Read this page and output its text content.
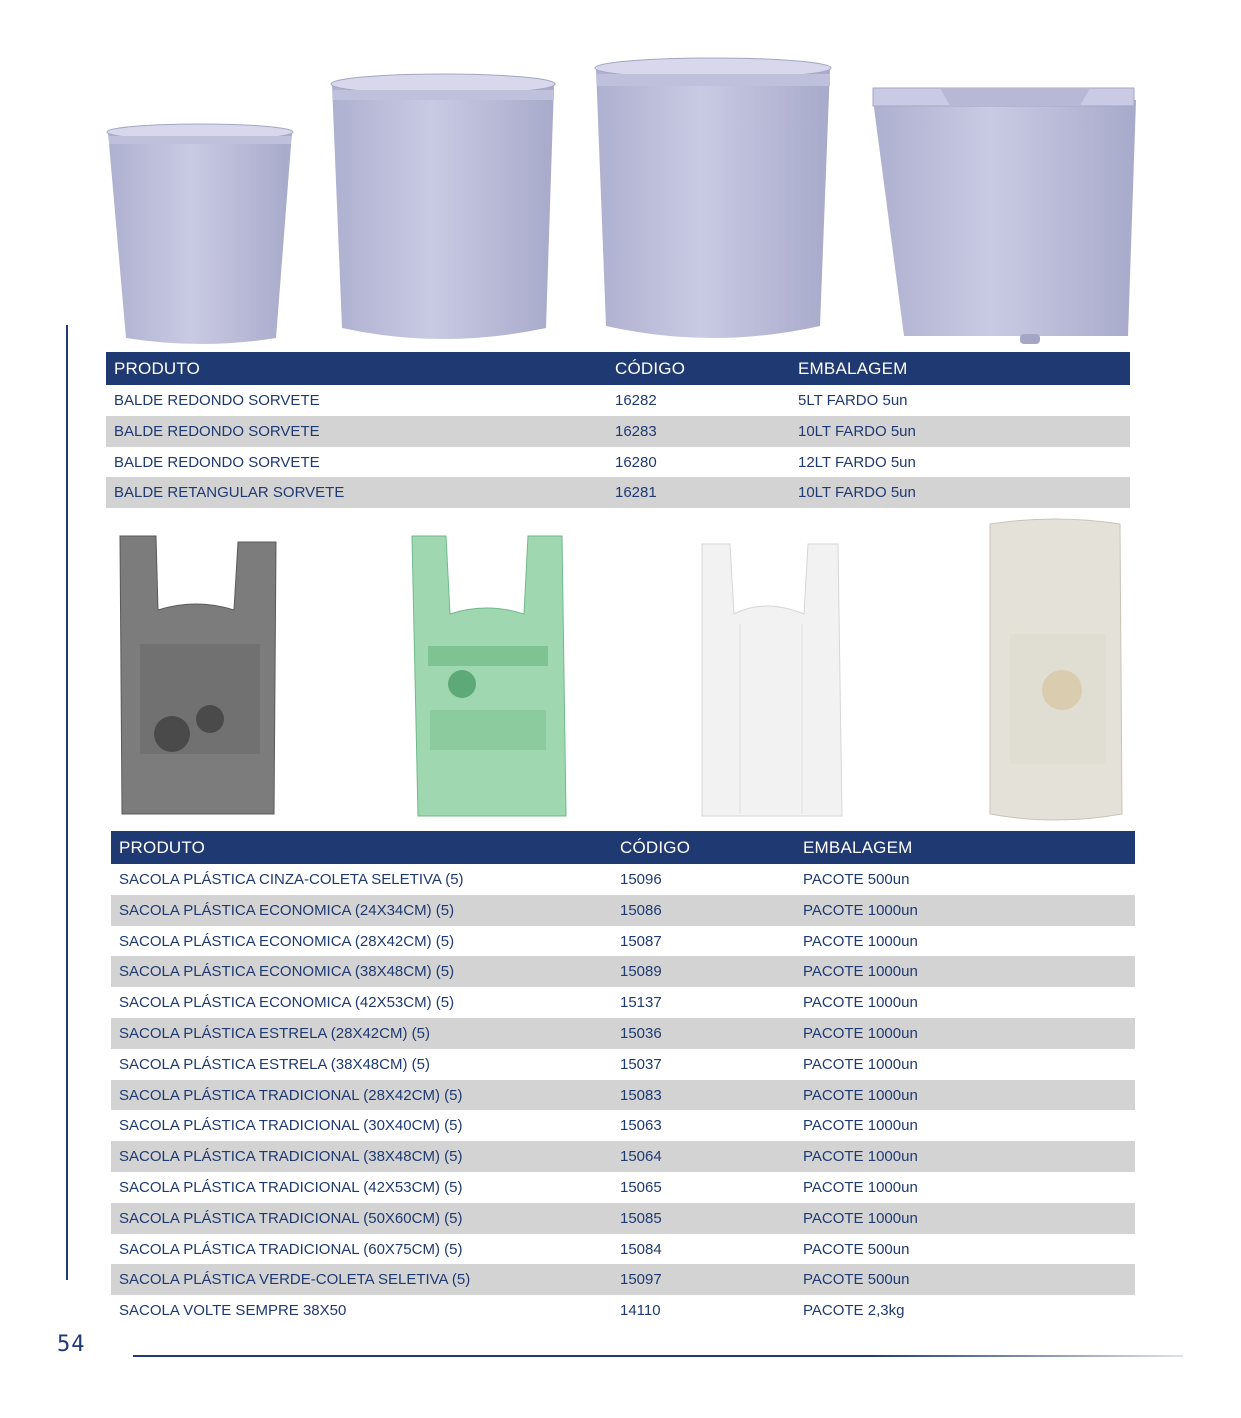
54
PRODUTO	CÓDIGO	EMBALAGEM
BALDE REDONDO SORVETE	16282	5LT FARDO 5un
BALDE REDONDO SORVETE	16283	10LT FARDO 5un
BALDE REDONDO SORVETE	16280	12LT FARDO 5un
BALDE RETANGULAR SORVETE	16281	10LT FARDO 5un
PRODUTO	CÓDIGO	EMBALAGEM
SACOLA PLÁSTICA CINZA-COLETA SELETIVA (5)	15096	PACOTE 500un
SACOLA PLÁSTICA ECONOMICA (24X34CM) (5)	15086	PACOTE 1000un
SACOLA PLÁSTICA ECONOMICA (28X42CM) (5)	15087	PACOTE 1000un
SACOLA PLÁSTICA ECONOMICA (38X48CM) (5)	15089	PACOTE 1000un
SACOLA PLÁSTICA ECONOMICA (42X53CM) (5)	15137	PACOTE 1000un
SACOLA PLÁSTICA ESTRELA (28X42CM) (5)	15036	PACOTE 1000un
SACOLA PLÁSTICA ESTRELA (38X48CM) (5)	15037	PACOTE 1000un
SACOLA PLÁSTICA TRADICIONAL (28X42CM) (5)	15083	PACOTE 1000un
SACOLA PLÁSTICA TRADICIONAL (30X40CM) (5)	15063	PACOTE 1000un
SACOLA PLÁSTICA TRADICIONAL (38X48CM) (5)	15064	PACOTE 1000un
SACOLA PLÁSTICA TRADICIONAL (42X53CM) (5)	15065	PACOTE 1000un
SACOLA PLÁSTICA TRADICIONAL (50X60CM) (5)	15085	PACOTE 1000un
SACOLA PLÁSTICA TRADICIONAL (60X75CM) (5)	15084	PACOTE 500un
SACOLA PLÁSTICA VERDE-COLETA SELETIVA (5)	15097	PACOTE 500un
SACOLA VOLTE SEMPRE 38X50	14110	PACOTE 2,3kg
